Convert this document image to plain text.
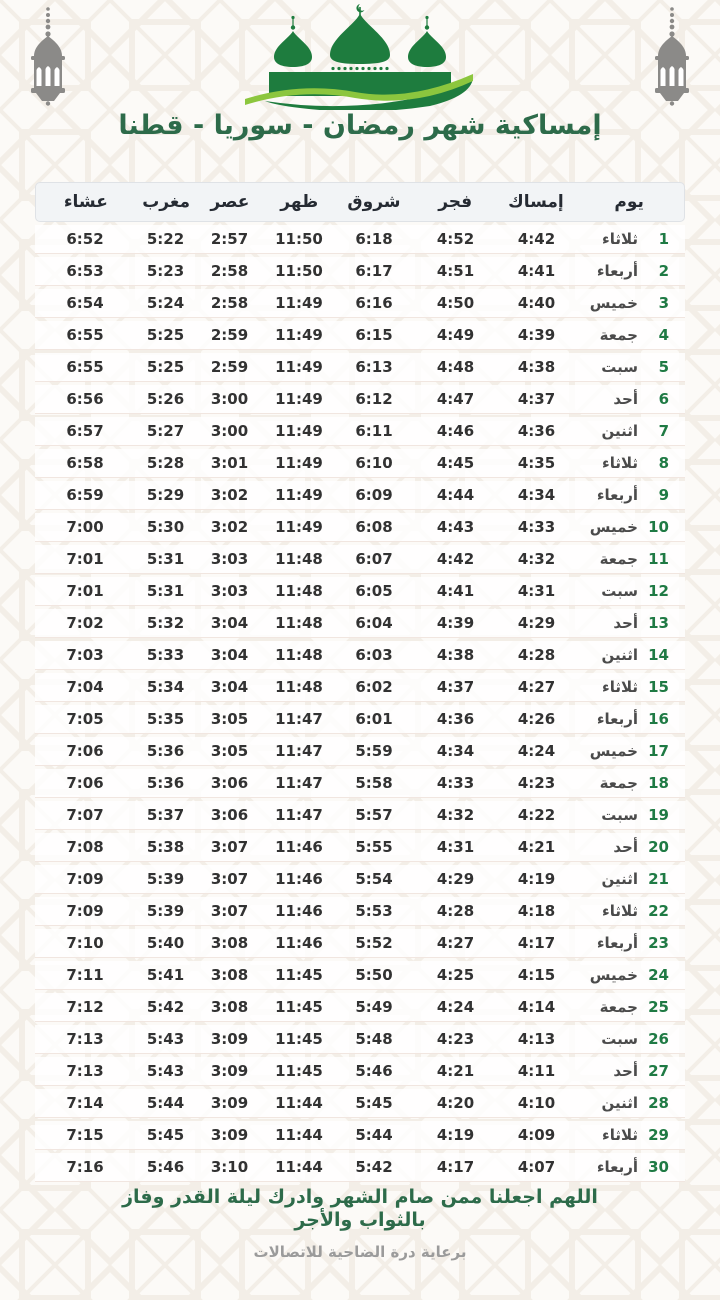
إمساكية شهر رمضان - سوريا - قطنا
يوم
إمساك
فجر
شروق
ظهر
عصر
مغرب
عشاء
1
ثلاثاء
4:42
4:52
6:18
11:50
2:57
5:22
6:52
2
أربعاء
4:41
4:51
6:17
11:50
2:58
5:23
6:53
3
خميس
4:40
4:50
6:16
11:49
2:58
5:24
6:54
4
جمعة
4:39
4:49
6:15
11:49
2:59
5:25
6:55
5
سبت
4:38
4:48
6:13
11:49
2:59
5:25
6:55
6
أحد
4:37
4:47
6:12
11:49
3:00
5:26
6:56
7
اثنين
4:36
4:46
6:11
11:49
3:00
5:27
6:57
8
ثلاثاء
4:35
4:45
6:10
11:49
3:01
5:28
6:58
9
أربعاء
4:34
4:44
6:09
11:49
3:02
5:29
6:59
10
خميس
4:33
4:43
6:08
11:49
3:02
5:30
7:00
11
جمعة
4:32
4:42
6:07
11:48
3:03
5:31
7:01
12
سبت
4:31
4:41
6:05
11:48
3:03
5:31
7:01
13
أحد
4:29
4:39
6:04
11:48
3:04
5:32
7:02
14
اثنين
4:28
4:38
6:03
11:48
3:04
5:33
7:03
15
ثلاثاء
4:27
4:37
6:02
11:48
3:04
5:34
7:04
16
أربعاء
4:26
4:36
6:01
11:47
3:05
5:35
7:05
17
خميس
4:24
4:34
5:59
11:47
3:05
5:36
7:06
18
جمعة
4:23
4:33
5:58
11:47
3:06
5:36
7:06
19
سبت
4:22
4:32
5:57
11:47
3:06
5:37
7:07
20
أحد
4:21
4:31
5:55
11:46
3:07
5:38
7:08
21
اثنين
4:19
4:29
5:54
11:46
3:07
5:39
7:09
22
ثلاثاء
4:18
4:28
5:53
11:46
3:07
5:39
7:09
23
أربعاء
4:17
4:27
5:52
11:46
3:08
5:40
7:10
24
خميس
4:15
4:25
5:50
11:45
3:08
5:41
7:11
25
جمعة
4:14
4:24
5:49
11:45
3:08
5:42
7:12
26
سبت
4:13
4:23
5:48
11:45
3:09
5:43
7:13
27
أحد
4:11
4:21
5:46
11:45
3:09
5:43
7:13
28
اثنين
4:10
4:20
5:45
11:44
3:09
5:44
7:14
29
ثلاثاء
4:09
4:19
5:44
11:44
3:09
5:45
7:15
30
أربعاء
4:07
4:17
5:42
11:44
3:10
5:46
7:16
اللهم اجعلنا ممن صام الشهر وادرك ليلة القدر وفاز بالثواب والأجر
برعاية درة الضاحية للاتصالات
